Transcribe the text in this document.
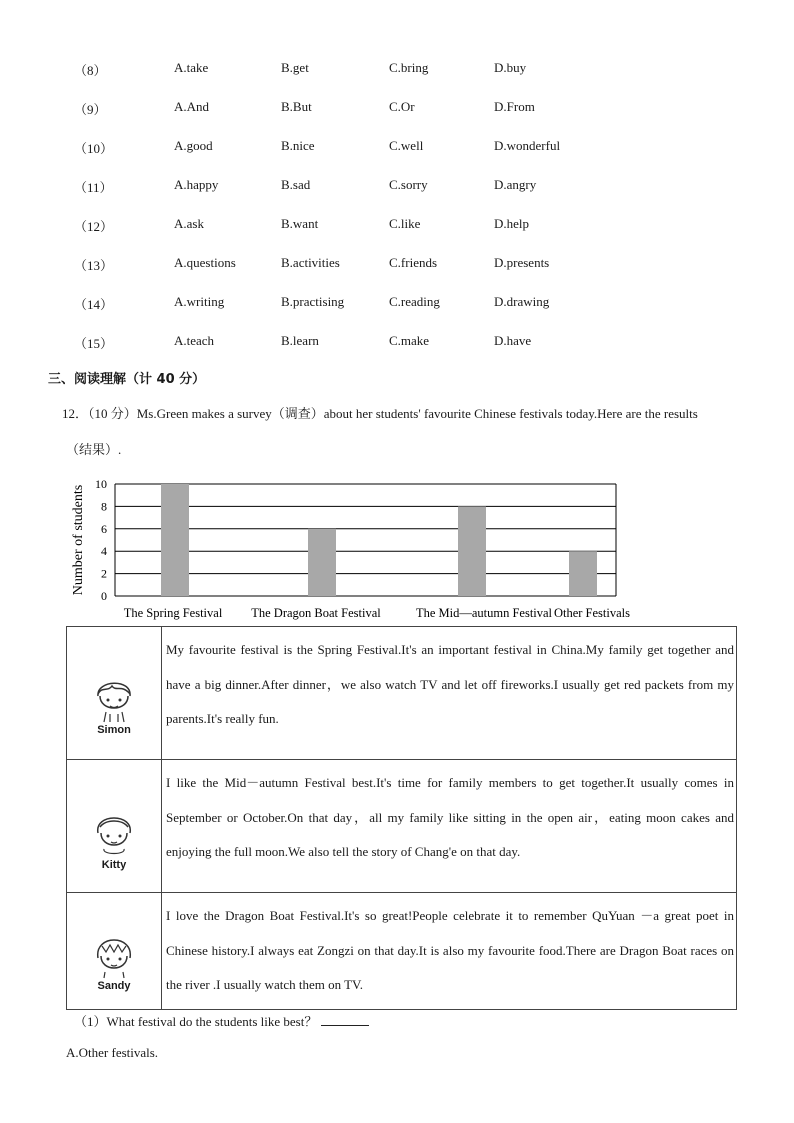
（8）	A.take	B.get	C.bring	D.buy
（9）	A.And	B.But	C.Or	D.From
（10）	A.good	B.nice	C.well	D.wonderful
（11）	A.happy	B.sad	C.sorry	D.angry
（12）	A.ask	B.want	C.like	D.help
（13）	A.questions	B.activities	C.friends	D.presents
（14）	A.writing	B.practising	C.reading	D.drawing
（15）	A.teach	B.learn	C.make	D.have
三、阅读理解（计 40 分）
12．（10 分）Ms.Green makes a survey（调查）about her students' favourite Chinese festivals today.Here are the results
（结果）.
0
2
4
6
8
10
The Spring Festival The Dragon Boat Festival	The Mid—autumn Festival Other Festivals
Number of students
Simon	My favourite festival is the Spring Festival.It's an important festival in China.My family get together and have a big dinner.After dinner，we also watch TV and let off fireworks.I usually get red packets from my parents.It's really fun.

Kitty	I like the Mid－autumn Festival best.It's time for family members to get together.It usually comes in September or October.On that day，all my family like sitting in the open air，eating moon cakes and enjoying the full moon.We also tell the story of Chang'e on that day.

Sandy	I love the Dragon Boat Festival.It's so great!People celebrate it to remember QuYuan －a great poet in Chinese history.I always eat Zongzi on that day.It is also my favourite food.There are Dragon Boat races on the river .I usually watch them on TV.
（1）What festival do the students like best？
A.Other festivals.
